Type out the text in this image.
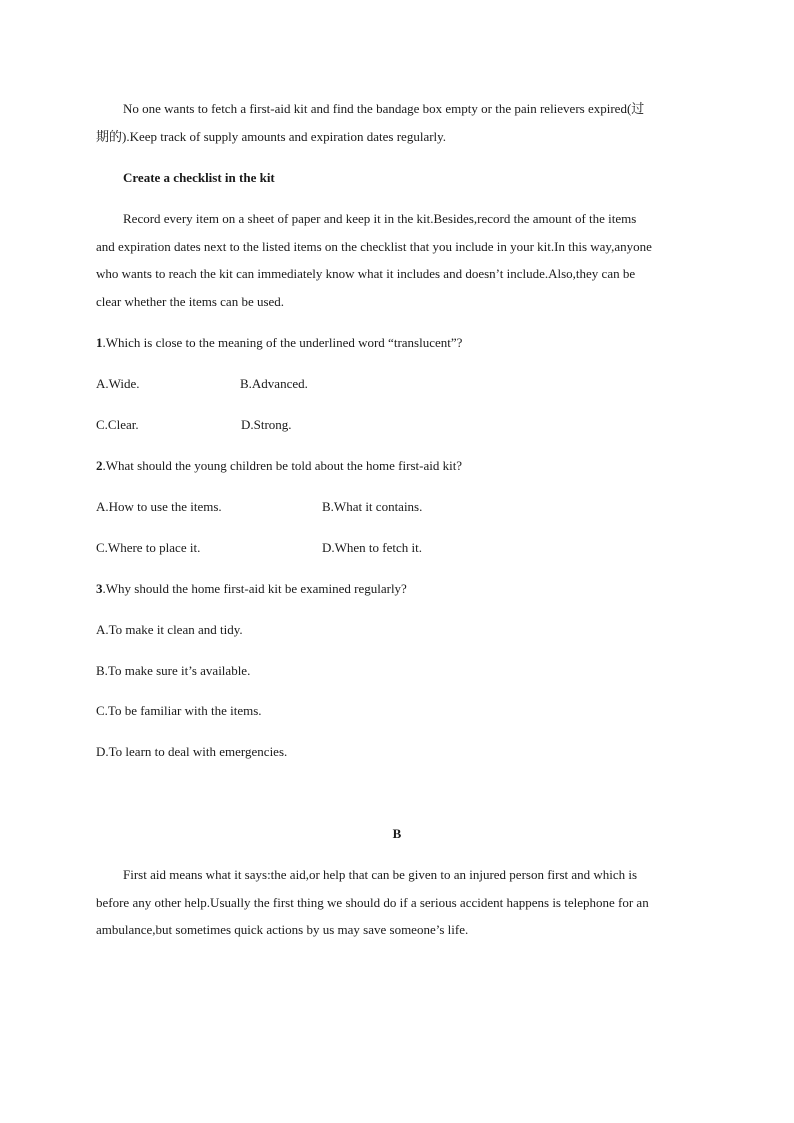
No one wants to fetch a first-aid kit and find the bandage box empty or the pain relievers expired(过
期的).Keep track of supply amounts and expiration dates regularly.
Create a checklist in the kit
Record every item on a sheet of paper and keep it in the kit.Besides,record the amount of the items
and expiration dates next to the listed items on the checklist that you include in your kit.In this way,anyone
who wants to reach the kit can immediately know what it includes and doesn’t include.Also,they can be
clear whether the items can be used.
1.Which is close to the meaning of the underlined word “translucent”?
A.Wide.	B.Advanced.
C.Clear.	D.Strong.
2.What should the young children be told about the home first-aid kit?
A.How to use the items.	B.What it contains.
C.Where to place it.	D.When to fetch it.
3.Why should the home first-aid kit be examined regularly?
A.To make it clean and tidy.
B.To make sure it’s available.
C.To be familiar with the items.
D.To learn to deal with emergencies.
B
First aid means what it says:the aid,or help that can be given to an injured person first and which is
before any other help.Usually the first thing we should do if a serious accident happens is telephone for an
ambulance,but sometimes quick actions by us may save someone’s life.
